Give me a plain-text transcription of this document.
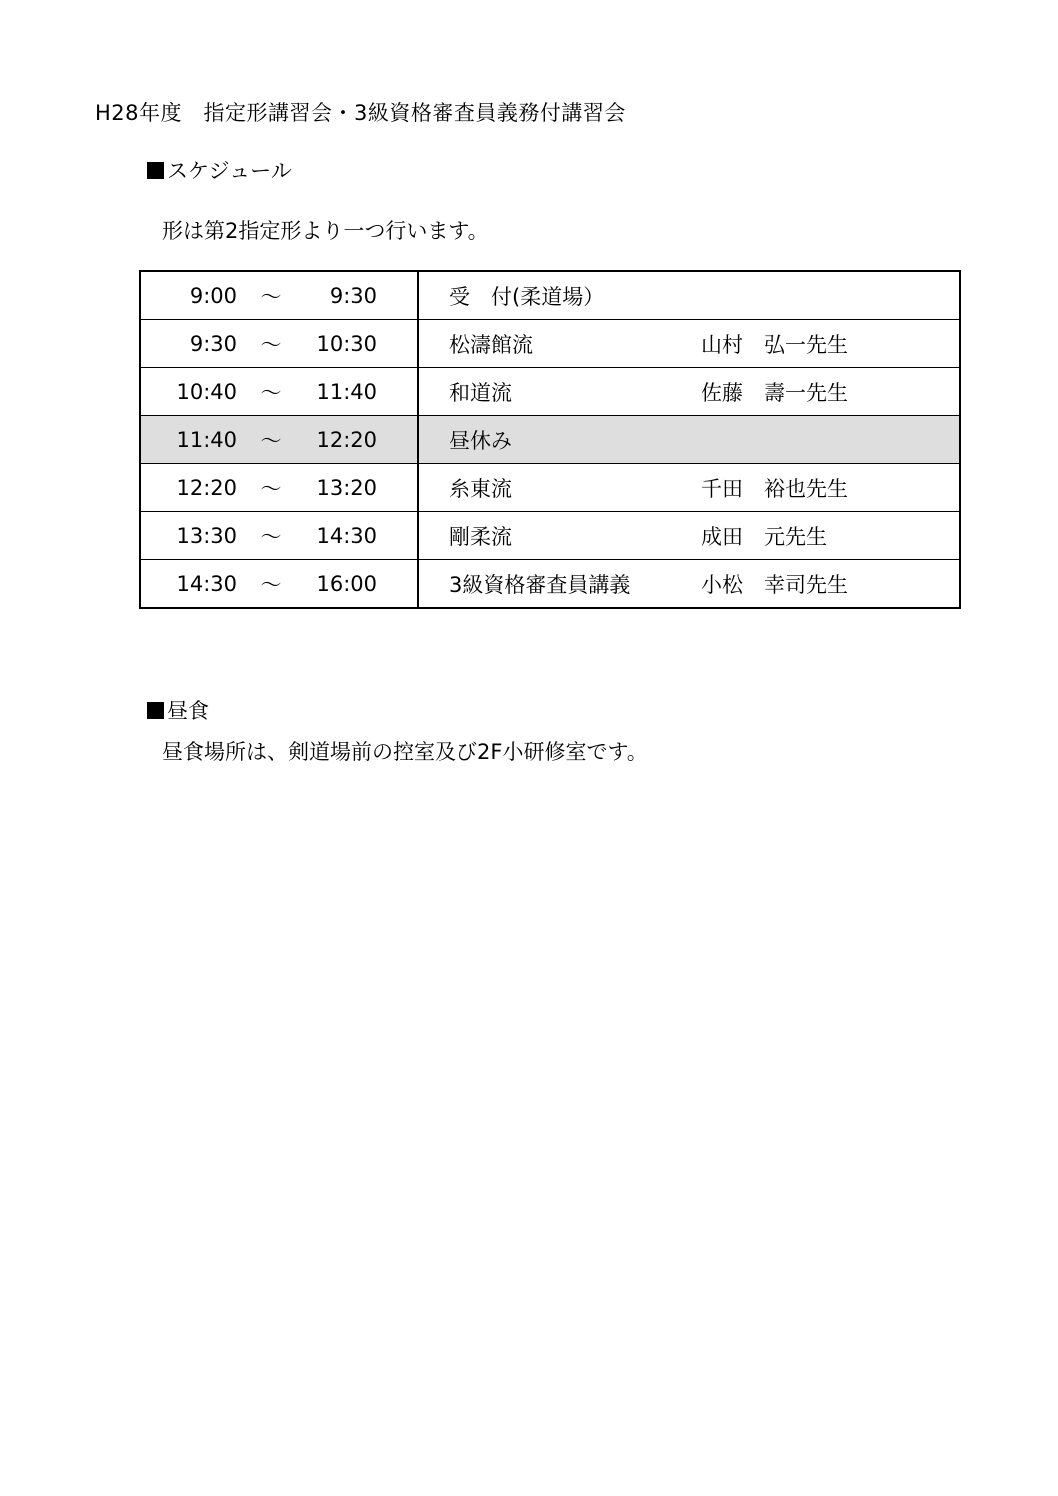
H28年度　指定形講習会・3級資格審査員義務付講習会
スケジュール
形は第2指定形より一つ行います。
9:00	～	9:30	受　付(柔道場）	
9:30	～	10:30	松濤館流	山村　弘一先生
10:40	～	11:40	和道流	佐藤　壽一先生
11:40	～	12:20	昼休み	
12:20	～	13:20	糸東流	千田　裕也先生
13:30	～	14:30	剛柔流	成田　元先生
14:30	～	16:00	3級資格審査員講義	小松　幸司先生
昼食
昼食場所は、剣道場前の控室及び2F小研修室です。
